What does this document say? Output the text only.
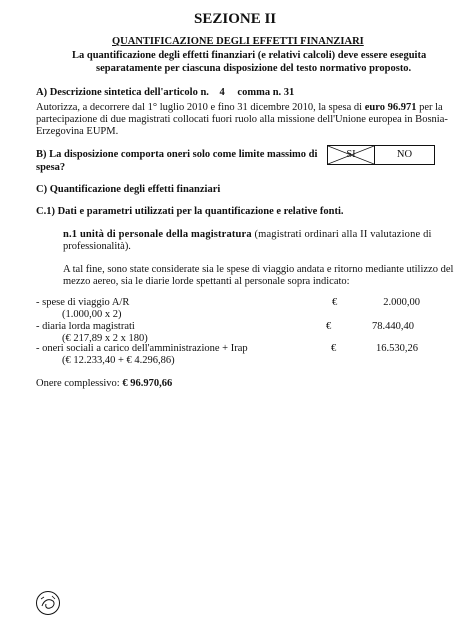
SEZIONE II
QUANTIFICAZIONE DEGLI EFFETTI FINANZIARI
La quantificazione degli effetti finanziari (e relativi calcoli) deve essere eseguita
separatamente per ciascuna disposizione del testo normativo proposto.
A) Descrizione sintetica dell'articolo n. 4 comma n. 31
Autorizza, a decorrere dal 1° luglio 2010 e fino 31 dicembre 2010, la spesa di euro 96.971 per la
partecipazione di due magistrati collocati fuori ruolo alla missione dell'Unione europea in Bosnia-
Erzegovina EUPM.
B) La disposizione comporta oneri solo come limite massimo di
spesa?
SI	NO
C) Quantificazione degli effetti finanziari
C.1) Dati e parametri utilizzati per la quantificazione e relative fonti.
n.1 unità di personale della magistratura (magistrati ordinari alla II valutazione di
professionalità).
A tal fine, sono state considerate sia le spese di viaggio andata e ritorno mediante utilizzo del
mezzo aereo, sia le diarie lorde spettanti al personale sopra indicato:
- spese di viaggio A/R
(1.000,00 x 2)
€	2.000,00
- diaria lorda magistrati
(€ 217,89 x 2 x 180)
€	78.440,40
- oneri sociali a carico dell'amministrazione + Irap
(€ 12.233,40 + € 4.296,86)
€	16.530,26
Onere complessivo: € 96.970,66
